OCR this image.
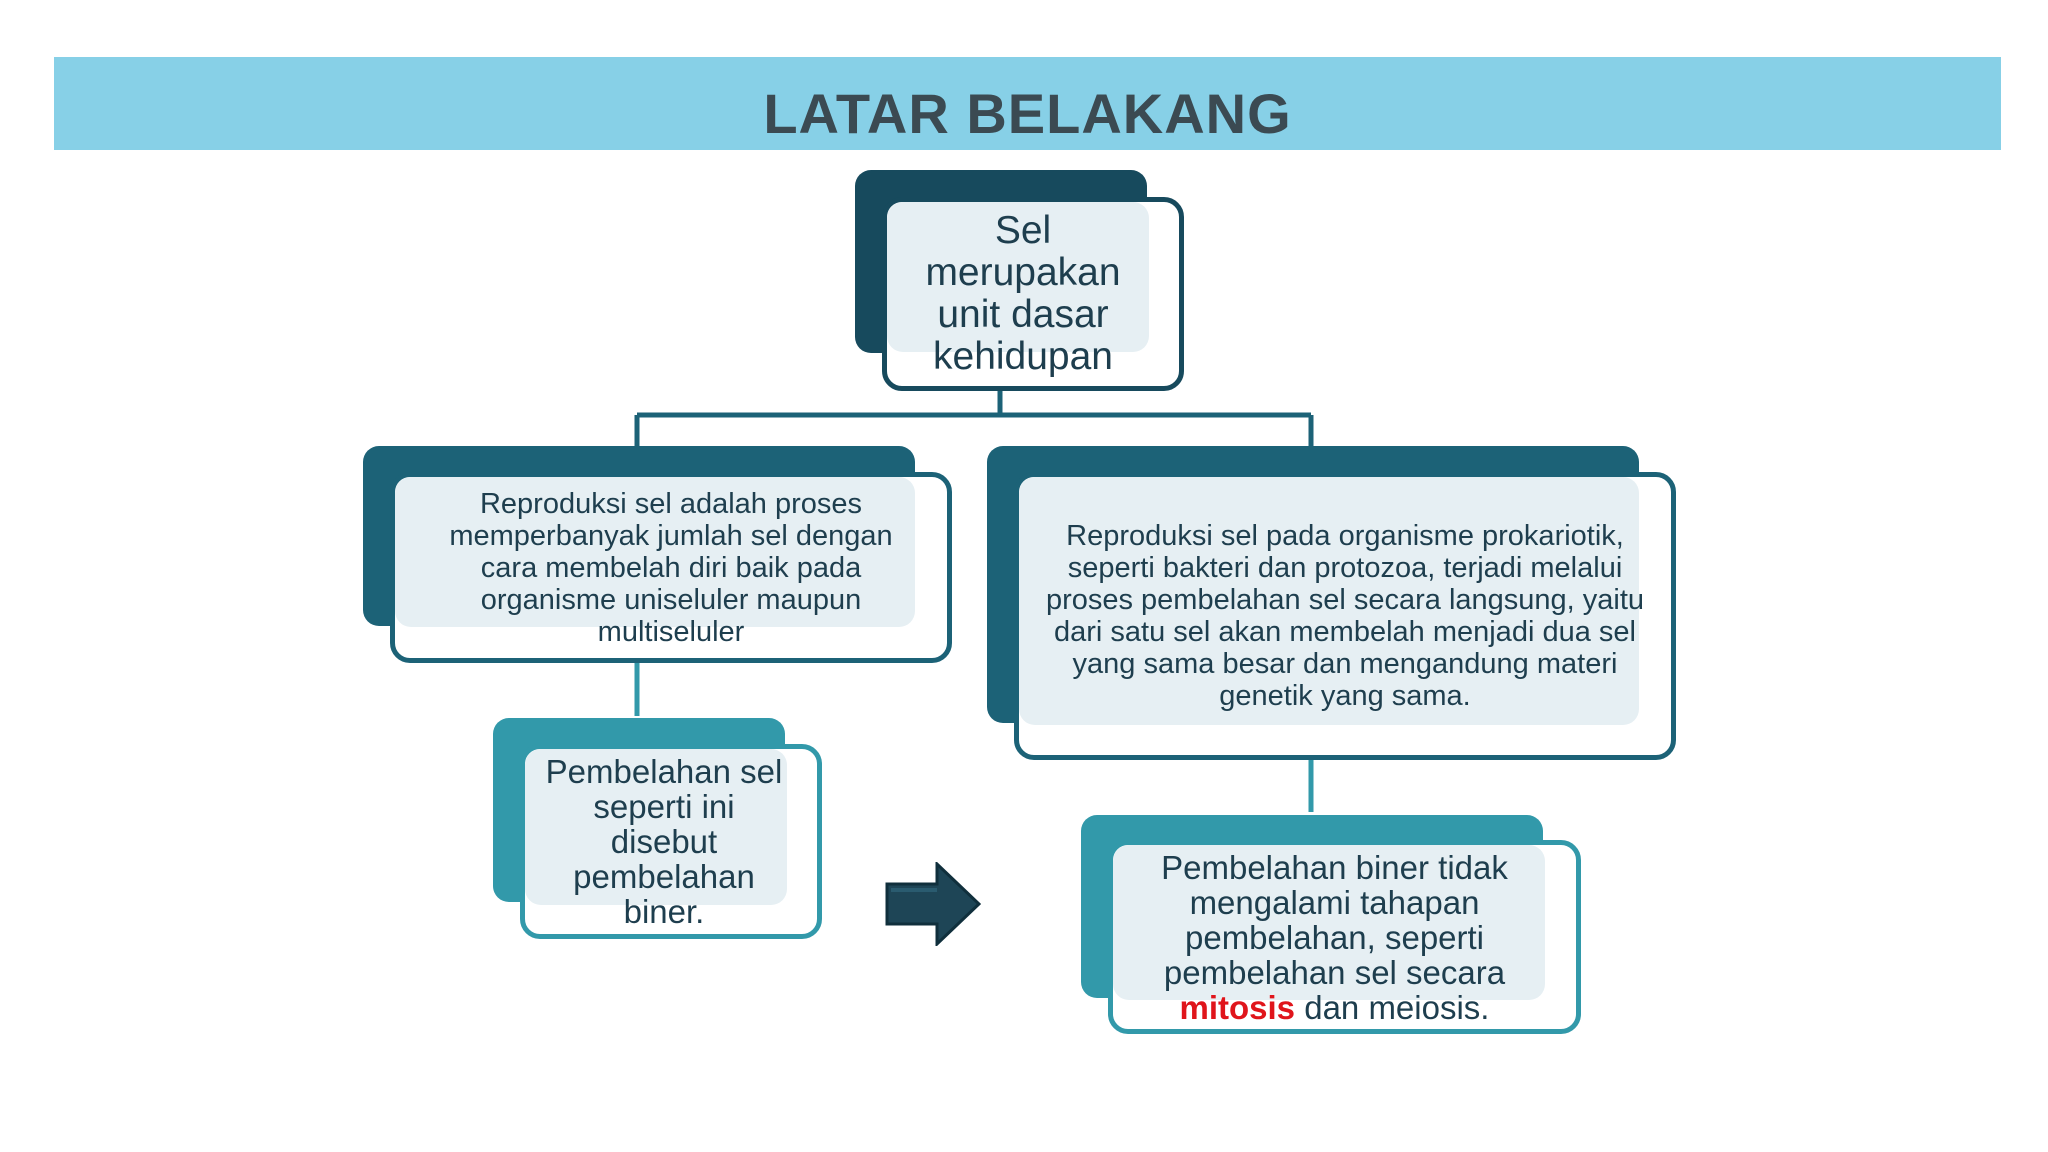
LATAR BELAKANG
Sel merupakan unit dasar kehidupan
Reproduksi sel adalah proses memperbanyak jumlah sel dengan cara membelah diri baik pada organisme uniseluler maupun multiseluler
Reproduksi sel pada organisme prokariotik, seperti bakteri dan protozoa, terjadi melalui proses pembelahan sel secara langsung, yaitu dari satu sel akan membelah menjadi dua sel yang sama besar dan mengandung materi genetik yang sama.
Pembelahan sel seperti ini disebut pembelahan biner.
Pembelahan biner tidak mengalami tahapan pembelahan, seperti pembelahan sel secara mitosis dan meiosis.
